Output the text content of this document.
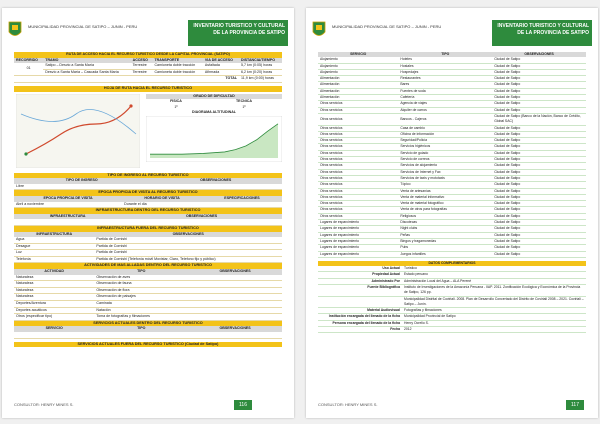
MUNICIPALIDAD PROVINCIAL DE SATIPO – JUNIN - PERU	INVENTARIO TURISTICO Y CULTURAL
DE LA PROVINCIA DE SATIPO
RUTA DE ACCESO HACIA EL RECURSO TURISTICO DESDE LA CAPITAL PROVINCIAL (SATIPO)					
RECORRIDO	TRAMO	ACCESO	TRANSPORTE	VIA DE ACCESO	DISTANCIA/TIEMPO
01	Satipo – Desvio a Santa María	Terrestre	Camioneta doble tracción	Asfaltada	5,7 km (0:05) horas
	Desvío a Santa María – Cascada Santa María	Terrestre	Camioneta doble tracción	Afirmada	6,2 km (0:20) horas
				TOTAL	11,9 km (0:00) horas
HOJA DE RUTA HACIA EL RECURSO TURISTICO
GRADO DE DIFICULTAD	
FISICA	TECNICA
1º	1º
DIAGRAMA ALTITUDINAL	
TIPO DE INGRESO AL RECURSO TURISTICO	
TIPO DE INGRESO	OBSERVACIONES
Libre	
EPOCA PROPICIA DE VISITA AL RECURSO TURISTICO		
EPOCA PROPICIA DE VISITA	HORARIO DE VISITA	ESPECIFICACIONES
Abril a noviembre	Durante el día	
INFRAESTRUCTURA DENTRO DEL RECURSO TURISTICO	
INFRAESTRUCTURA	OBSERVACIONES

INFRAESTRUCTURA FUERA DEL RECURSO TURISTICO	
INFRAESTRUCTURA	OBSERVACIONES
Agua	Partida de Cornishi
Desague	Partida de Cornishi
Luz	Partida de Cornishi
Telefonía	Partida de Cornishi (Telefonía móvil Movistar, Claro, Telefono fijo y público)
ACTIVIDADES DE MAS ALLADAS DENTRO DEL RECURSO TURISTICO		
ACTIVIDAD	TIPO	OBSERVACIONES
Naturaleza	Observación de aves	
Naturaleza	Observación de fauna	
Naturaleza	Observación de flora	
Naturaleza	Observación de paisajes	
Deportes/Aventura	Caminata	
Deportes acuáticos	Natación	
Otros (especificar tipo)	Toma de fotografías y filmaciones	
SERVICIOS ACTUALES DENTRO DEL RECURSO TURISTICO		
SERVICIO	TIPO	OBSERVACIONES

SERVICIOS ACTUALES FUERA DEL RECURSO TURISTICO (Ciudad de Satipo)
CONSULTOR: HENRY MINES S.	116
MUNICIPALIDAD PROVINCIAL DE SATIPO – JUNIN - PERU	INVENTARIO TURISTICO Y CULTURAL
DE LA PROVINCIA DE SATIPO
SERVICIO	TIPO	OBSERVACIONES
Alojamiento	Hoteles	Ciudad de Satipo
Alojamiento	Hostales	Ciudad de Satipo
Alojamiento	Hospedajes	Ciudad de Satipo
Alimentación	Restaurantes	Ciudad de Satipo
Alimentación	Bares	Ciudad de Satipo
Alimentación	Fuentes de soda	Ciudad de Satipo
Alimentación	Cafetería	Ciudad de Satipo
Otros servicios	Agencia de viajes	Ciudad de Satipo
Otros servicios	Alquiler de carros	Ciudad de Satipo
Otros servicios	Bancos - Cajeros	Ciudad de Satipo (Banco de la Nación, Banco de Crédito, Global SAC)
Otros servicios	Casa de cambio	Ciudad de Satipo
Otros servicios	Oficina de información	Ciudad de Satipo
Otros servicios	Seguridad/Policía	Ciudad de Satipo
Otros servicios	Servicios higiénicos	Ciudad de Satipo
Otros servicios	Servicio de guiado	Ciudad de Satipo
Otros servicios	Servicio de correos	Ciudad de Satipo
Otros servicios	Servicios de alojamiento	Ciudad de Satipo
Otros servicios	Servicios de Internet y Fax	Ciudad de Satipo
Otros servicios	Servicios de taxis y mototaxis	Ciudad de Satipo
Otros servicios	Tópico	Ciudad de Satipo
Otros servicios	Venta de artesanías	Ciudad de Satipo
Otros servicios	Venta de material informativo	Ciudad de Satipo
Otros servicios	Venta de material fotográfico	Ciudad de Satipo
Otros servicios	Venta de otros para fotografías	Ciudad de Satipo
Otros servicios	Religiosos	Ciudad de Satipo
Lugares de esparcimiento	Discotecas	Ciudad de Satipo
Lugares de esparcimiento	Night clubs	Ciudad de Satipo
Lugares de esparcimiento	Peñas	Ciudad de Satipo
Lugares de esparcimiento	Bingos y tragamonedas	Ciudad de Satipo
Lugares de esparcimiento	Pubs	Ciudad de Satipo
Lugares de esparcimiento	Juegos infantiles	Ciudad de Satipo
DATOS COMPLEMENTARIOS	
Uso Actual	Turístico
Propiedad Actual	Estado peruano
Administrado Por	Administración Local del Agua – ALA Perené
Fuente Bibliográfica	Instituto de Investigaciones de la Amazonía Peruana - IIAP. 2011. Zonificación Ecológica y Económica de la Provincia de Satipo, 126 pp.
	Municipalidad Distrital de Coviriali. 2008. Plan de Desarrollo Concertado del Distrito de Coviriali 2008 – 2021. Coviriali – Satipo – Junín.
Material Audiovisual	Fotografías y filmaciones
Institución encargada del llenado de la ficha	Municipalidad Provincial de Satipo
Persona encargada del llenado de la ficha	Henry Ocrelio S.
Fecha	2012
CONSULTOR: HENRY MINES S.	117
